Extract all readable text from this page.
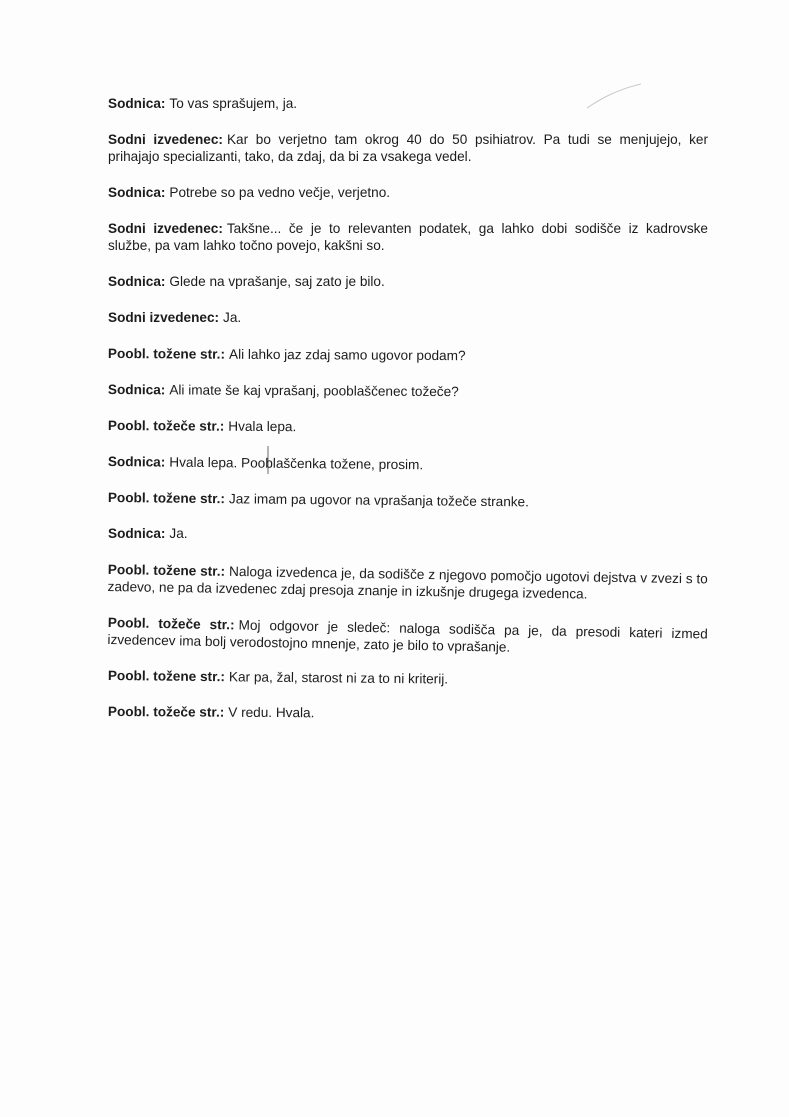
Sodnica: To vas sprašujem, ja.

Sodni izvedenec: Kar bo verjetno tam okrog 40 do 50 psihiatrov. Pa tudi se menjujejo, ker prihajajo specializanti, tako, da zdaj, da bi za vsakega vedel.

Sodnica: Potrebe so pa vedno večje, verjetno.

Sodni izvedenec: Takšne... če je to relevanten podatek, ga lahko dobi sodišče iz kadrovske službe, pa vam lahko točno povejo, kakšni so.

Sodnica: Glede na vprašanje, saj zato je bilo.

Sodni izvedenec: Ja.

Poobl. tožene str.: Ali lahko jaz zdaj samo ugovor podam?

Sodnica: Ali imate še kaj vprašanj, pooblaščenec tožeče?

Poobl. tožeče str.: Hvala lepa.

Sodnica: Hvala lepa. Pooblaščenka tožene, prosim.

Poobl. tožene str.: Jaz imam pa ugovor na vprašanja tožeče stranke.

Sodnica: Ja.

Poobl. tožene str.: Naloga izvedenca je, da sodišče z njegovo pomočjo ugotovi dejstva v zvezi s to zadevo, ne pa da izvedenec zdaj presoja znanje in izkušnje drugega izvedenca.

Poobl. tožeče str.: Moj odgovor je sledeč: naloga sodišča pa je, da presodi kateri izmed izvedencev ima bolj verodostojno mnenje, zato je bilo to vprašanje.

Poobl. tožene str.: Kar pa, žal, starost ni za to ni kriterij.

Poobl. tožeče str.: V redu. Hvala.
